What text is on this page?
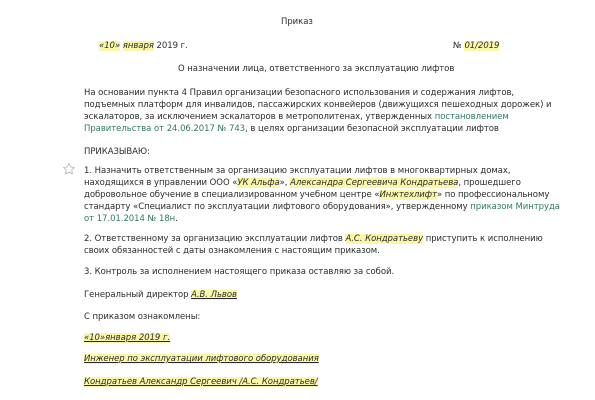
Приказ
«10» января 2019 г.	№ 01/2019
О назначении лица, ответственного за эксплуатацию лифтов
На основании пункта 4 Правил организации безопасного использования и содержания лифтов,
подъемных платформ для инвалидов, пассажирских конвейеров (движущихся пешеходных дорожек) и
эскалаторов, за исключением эскалаторов в метрополитенах, утвержденных постановлением
Правительства от 24.06.2017 № 743, в целях организации безопасной эксплуатации лифтов
ПРИКАЗЫВАЮ:
1. Назначить ответственным за организацию эксплуатации лифтов в многоквартирных домах,
находящихся в управлении ООО «УК Альфа», Александра Сергеевича Кондратьева, прошедшего
добровольное обучение в специализированном учебном центре «Инжтехлифт» по профессиональному
стандарту «Специалист по эксплуатации лифтового оборудования», утвержденному приказом Минтруда
от 17.01.2014 № 18н.
2. Ответственному за организацию эксплуатации лифтов А.С. Кондратьеву приступить к исполнению
своих обязанностей с даты ознакомления с настоящим приказом.
3. Контроль за исполнением настоящего приказа оставляю за собой.
Генеральный директор А.В. Львов
С приказом ознакомлены:
«10»января 2019 г.
Инженер по эксплуатации лифтового оборудования
Кондратьев Александр Сергеевич /А.С. Кондратьев/
